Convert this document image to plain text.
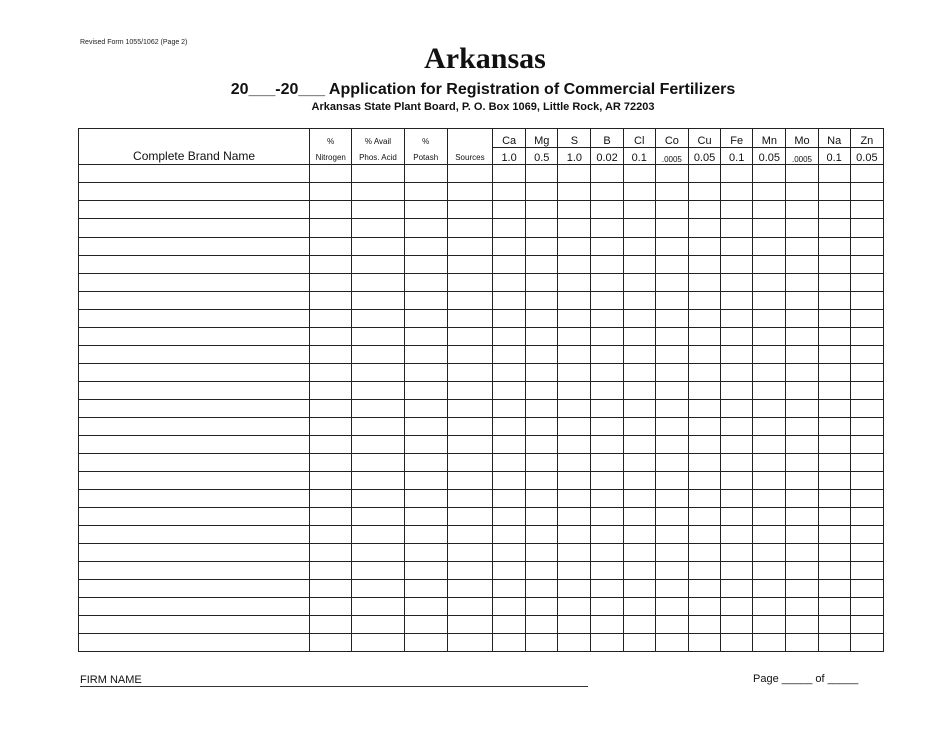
Revised Form 1055/1062 (Page 2)	Arkansas
20___-20___ Application for Registration of Commercial Fertilizers
Arkansas State Plant Board, P. O. Box 1069, Little Rock, AR 72203
Complete Brand Name	%	% Avail	%	Sources	Ca	Mg	S	B	Cl	Co	Cu	Fe	Mn	Mo	Na	Zn
	Nitrogen	Phos. Acid	Potash		1.0	0.5	1.0	0.02	0.1	.0005	0.05	0.1	0.05	.0005	0.1	0.05

FIRM NAME	Page _____ of _____
